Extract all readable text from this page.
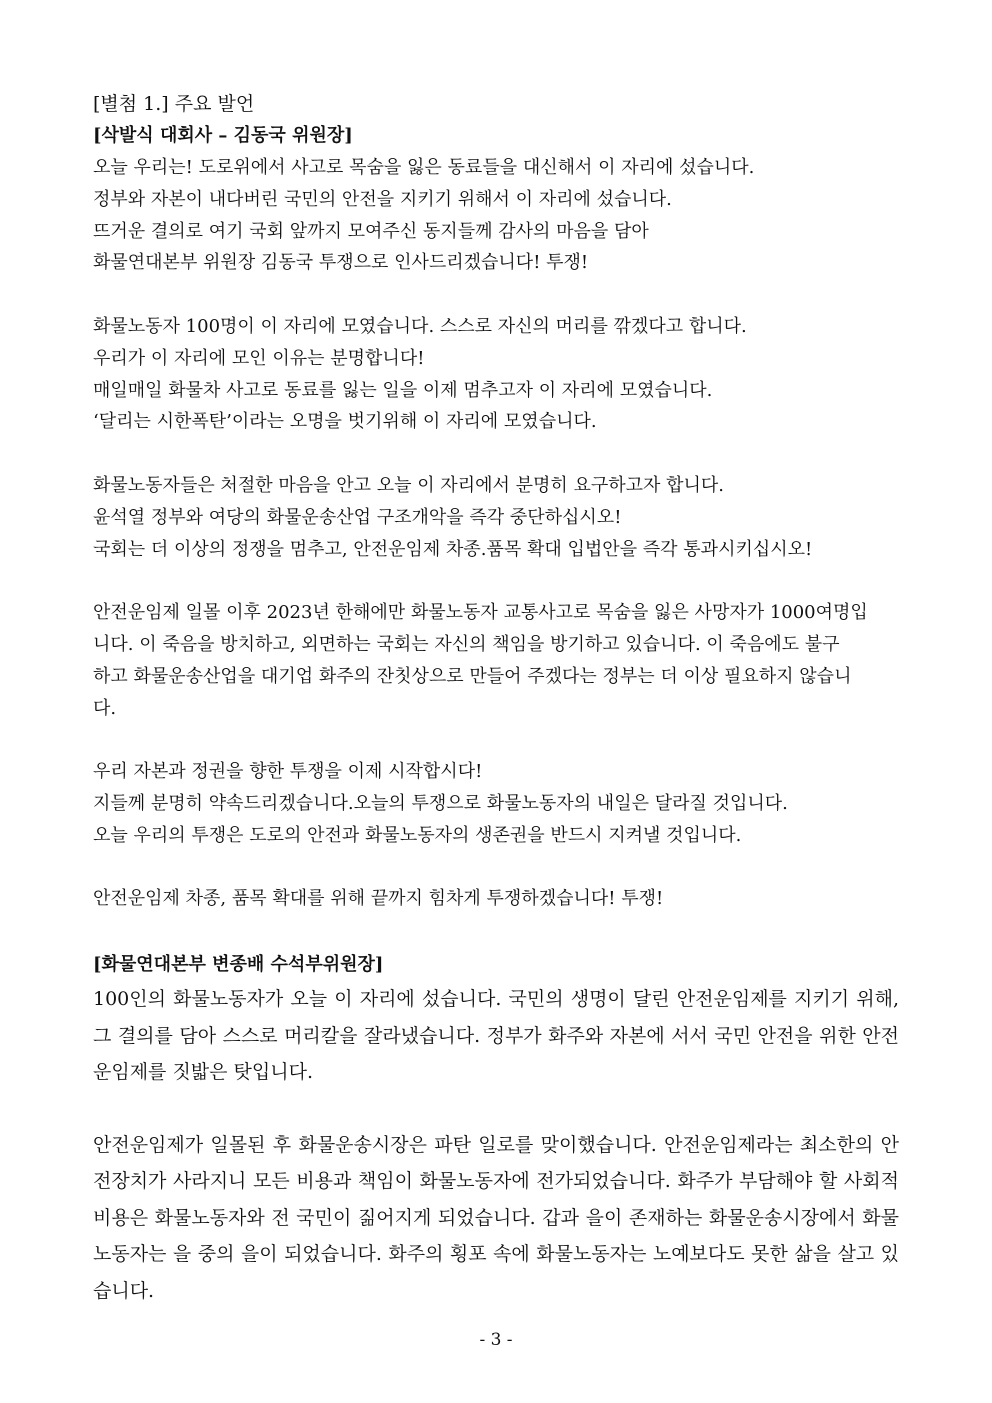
[별첨 1.] 주요 발언

[삭발식 대회사 – 김동국 위원장]

오늘 우리는! 도로위에서 사고로 목숨을 잃은 동료들을 대신해서 이 자리에 섰습니다.

정부와 자본이 내다버린 국민의 안전을 지키기 위해서 이 자리에 섰습니다.

뜨거운 결의로 여기 국회 앞까지 모여주신 동지들께 감사의 마음을 담아

화물연대본부 위원장 김동국 투쟁으로 인사드리겠습니다! 투쟁!

화물노동자 100명이 이 자리에 모였습니다. 스스로 자신의 머리를 깎겠다고 합니다.

우리가 이 자리에 모인 이유는 분명합니다!

매일매일 화물차 사고로 동료를 잃는 일을 이제 멈추고자 이 자리에 모였습니다.

‘달리는 시한폭탄’이라는 오명을 벗기위해 이 자리에 모였습니다.

화물노동자들은 처절한 마음을 안고 오늘 이 자리에서 분명히 요구하고자 합니다.

윤석열 정부와 여당의 화물운송산업 구조개악을 즉각 중단하십시오!

국회는 더 이상의 정쟁을 멈추고, 안전운임제 차종.품목 확대 입법안을 즉각 통과시키십시오!

안전운임제 일몰 이후 2023년 한해에만 화물노동자 교통사고로 목숨을 잃은 사망자가 1000여명입

니다. 이 죽음을 방치하고, 외면하는 국회는 자신의 책임을 방기하고 있습니다. 이 죽음에도 불구

하고 화물운송산업을 대기업 화주의 잔칫상으로 만들어 주겠다는 정부는 더 이상 필요하지 않습니

다.

우리 자본과 정권을 향한 투쟁을 이제 시작합시다!

지들께 분명히 약속드리겠습니다.오늘의 투쟁으로 화물노동자의 내일은 달라질 것입니다.

오늘 우리의 투쟁은 도로의 안전과 화물노동자의 생존권을 반드시 지켜낼 것입니다.

안전운임제 차종, 품목 확대를 위해 끝까지 힘차게 투쟁하겠습니다! 투쟁!

[화물연대본부 변종배 수석부위원장]

100인의 화물노동자가 오늘 이 자리에 섰습니다. 국민의 생명이 달린 안전운임제를 지키기 위해, 그 결의를 담아 스스로 머리칼을 잘라냈습니다. 정부가 화주와 자본에 서서 국민 안전을 위한 안전운임제를 짓밟은 탓입니다.

안전운임제가 일몰된 후 화물운송시장은 파탄 일로를 맞이했습니다. 안전운임제라는 최소한의 안전장치가 사라지니 모든 비용과 책임이 화물노동자에 전가되었습니다. 화주가 부담해야 할 사회적 비용은 화물노동자와 전 국민이 짊어지게 되었습니다. 갑과 을이 존재하는 화물운송시장에서 화물노동자는 을 중의 을이 되었습니다. 화주의 횡포 속에 화물노동자는 노예보다도 못한 삶을 살고 있습니다.

- 3 -
